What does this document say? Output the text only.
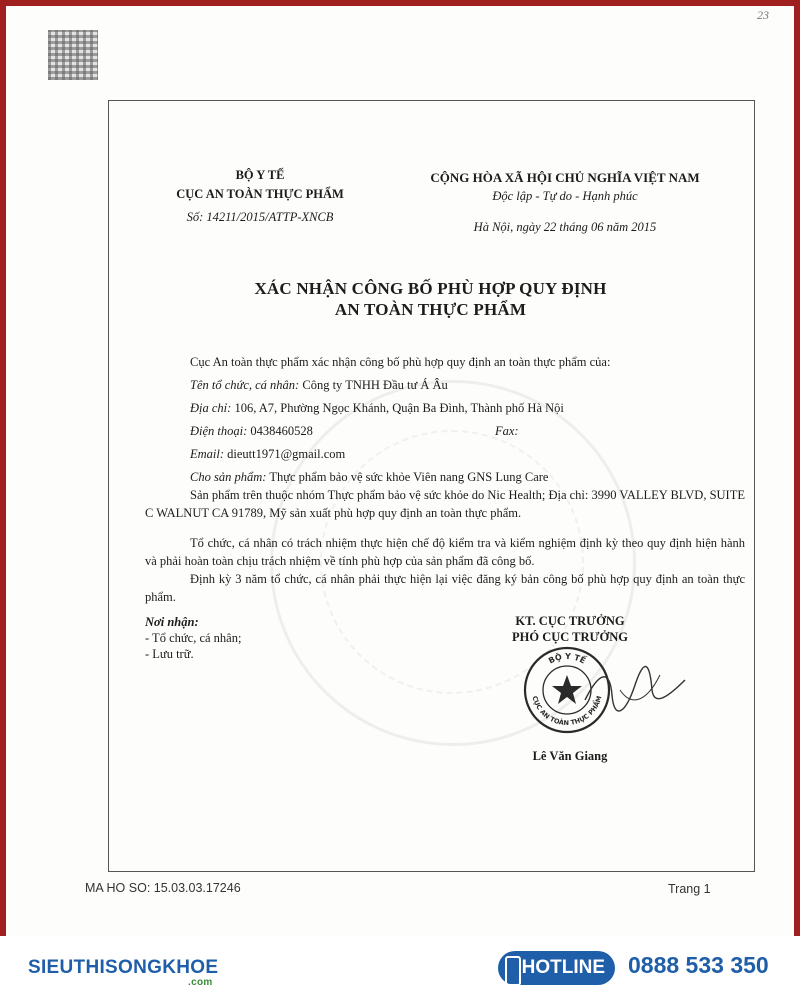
23
BỘ Y TẾ
CỤC AN TOÀN THỰC PHẨM
Số: 14211/2015/ATTP-XNCB
CỘNG HÒA XÃ HỘI CHỦ NGHĨA VIỆT NAM
Độc lập - Tự do - Hạnh phúc
Hà Nội, ngày 22 tháng 06 năm 2015
XÁC NHẬN CÔNG BỐ PHÙ HỢP QUY ĐỊNH
AN TOÀN THỰC PHẨM
Cục An toàn thực phẩm xác nhận công bố phù hợp quy định an toàn thực phẩm của:
Tên tổ chức, cá nhân: Công ty TNHH Đầu tư Á Âu
Địa chỉ: 106, A7, Phường Ngọc Khánh, Quận Ba Đình, Thành phố Hà Nội
Điện thoại: 0438460528	Fax:
Email: dieutt1971@gmail.com
Cho sản phẩm: Thực phẩm bảo vệ sức khỏe Viên nang GNS Lung Care
Sản phẩm trên thuộc nhóm Thực phẩm bảo vệ sức khỏe do Nic Health; Địa chỉ: 3990 VALLEY BLVD, SUITE C WALNUT CA 91789, Mỹ sản xuất phù hợp quy định an toàn thực phẩm.
Tổ chức, cá nhân có trách nhiệm thực hiện chế độ kiểm tra và kiểm nghiệm định kỳ theo quy định hiện hành và phải hoàn toàn chịu trách nhiệm về tính phù hợp của sản phẩm đã công bố.
Định kỳ 3 năm tổ chức, cá nhân phải thực hiện lại việc đăng ký bản công bố phù hợp quy định an toàn thực phẩm.
Nơi nhận:
- Tổ chức, cá nhân;
- Lưu trữ.
KT. CỤC TRƯỞNG
PHÓ CỤC TRƯỞNG
BỘ Y TẾ
CỤC AN TOÀN THỰC PHẨM
Lê Văn Giang
MA HO SO: 15.03.03.17246	Trang 1
SIEUTHISONGKHOE
.com
HOTLINE	0888 533 350
